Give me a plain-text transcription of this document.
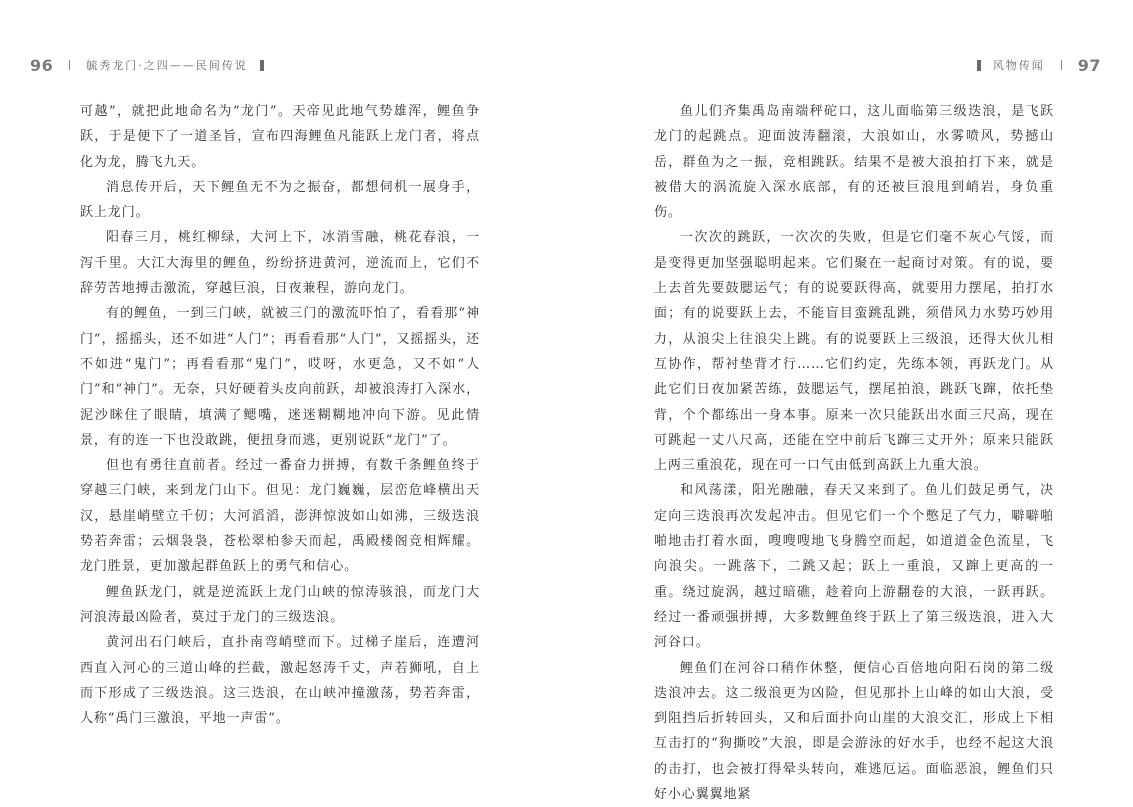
96	毓秀龙门·之四——民间传说

可越”，就把此地命名为“龙门”。天帝见此地气势雄浑，鲤鱼争跃，于是便下了一道圣旨，宣布四海鲤鱼凡能跃上龙门者，将点化为龙，腾飞九天。

消息传开后，天下鲤鱼无不为之振奋，都想伺机一展身手，跃上龙门。

阳春三月，桃红柳绿，大河上下，冰消雪融，桃花春浪，一泻千里。大江大海里的鲤鱼，纷纷挤进黄河，逆流而上，它们不辞劳苦地搏击激流，穿越巨浪，日夜兼程，游向龙门。

有的鲤鱼，一到三门峡，就被三门的激流吓怕了，看看那“神门”，摇摇头，还不如进“人门”；再看看那“人门”，又摇摇头，还不如进“鬼门”；再看看那“鬼门”，哎呀，水更急，又不如“人门”和“神门”。无奈，只好硬着头皮向前跃，却被浪涛打入深水，泥沙眯住了眼睛，填满了鳃嘴，迷迷糊糊地冲向下游。见此情景，有的连一下也没敢跳，便扭身而逃，更别说跃“龙门”了。

但也有勇往直前者。经过一番奋力拼搏，有数千条鲤鱼终于穿越三门峡，来到龙门山下。但见：龙门巍巍，层峦危峰横出天汉，悬崖峭壁立千仞；大河滔滔，澎湃惊波如山如沸，三级迭浪势若奔雷；云烟袅袅，苍松翠柏参天而起，禹殿楼阁竞相辉耀。龙门胜景，更加激起群鱼跃上的勇气和信心。

鲤鱼跃龙门，就是逆流跃上龙门山峡的惊涛骇浪，而龙门大河浪涛最凶险者，莫过于龙门的三级迭浪。

黄河出石门峡后，直扑南弯峭壁而下。过梯子崖后，连遭河西直入河心的三道山峰的拦截，激起怒涛千丈，声若狮吼，自上而下形成了三级迭浪。这三迭浪，在山峡冲撞激荡，势若奔雷，人称“禹门三激浪，平地一声雷”。

风物传闻 97

鱼儿们齐集禹岛南端秤砣口，这儿面临第三级迭浪，是飞跃龙门的起跳点。迎面波涛翻滚，大浪如山，水雾喷风，势撼山岳，群鱼为之一振，竞相跳跃。结果不是被大浪拍打下来，就是被借大的涡流旋入深水底部，有的还被巨浪甩到峭岩，身负重伤。

一次次的跳跃，一次次的失败，但是它们毫不灰心气馁，而是变得更加坚强聪明起来。它们聚在一起商讨对策。有的说，要上去首先要鼓腮运气；有的说要跃得高，就要用力摆尾，拍打水面；有的说要跃上去，不能盲目蛮跳乱跳，须借风力水势巧妙用力，从浪尖上往浪尖上跳。有的说要跃上三级浪，还得大伙儿相互协作，帮衬垫背才行……它们约定，先练本领，再跃龙门。从此它们日夜加紧苦练，鼓腮运气，摆尾拍浪，跳跃飞蹿，依托垫背，个个都练出一身本事。原来一次只能跃出水面三尺高，现在可跳起一丈八尺高，还能在空中前后飞蹿三丈开外；原来只能跃上两三重浪花，现在可一口气由低到高跃上九重大浪。

和风荡漾，阳光融融，春天又来到了。鱼儿们鼓足勇气，决定向三迭浪再次发起冲击。但见它们一个个憋足了气力，噼噼啪啪地击打着水面，嗖嗖嗖地飞身腾空而起，如道道金色流星，飞向浪尖。一跳落下，二跳又起；跃上一重浪，又蹿上更高的一重。绕过旋涡，越过暗礁，趁着向上游翻卷的大浪，一跃再跃。经过一番顽强拼搏，大多数鲤鱼终于跃上了第三级迭浪，进入大河谷口。

鲤鱼们在河谷口稍作休整，便信心百倍地向阳石岗的第二级迭浪冲去。这二级浪更为凶险，但见那扑上山峰的如山大浪，受到阻挡后折转回头，又和后面扑向山崖的大浪交汇，形成上下相互击打的“狗撕咬”大浪，即是会游泳的好水手，也经不起这大浪的击打，也会被打得晕头转向，难逃厄运。面临恶浪，鲤鱼们只好小心翼翼地紧
